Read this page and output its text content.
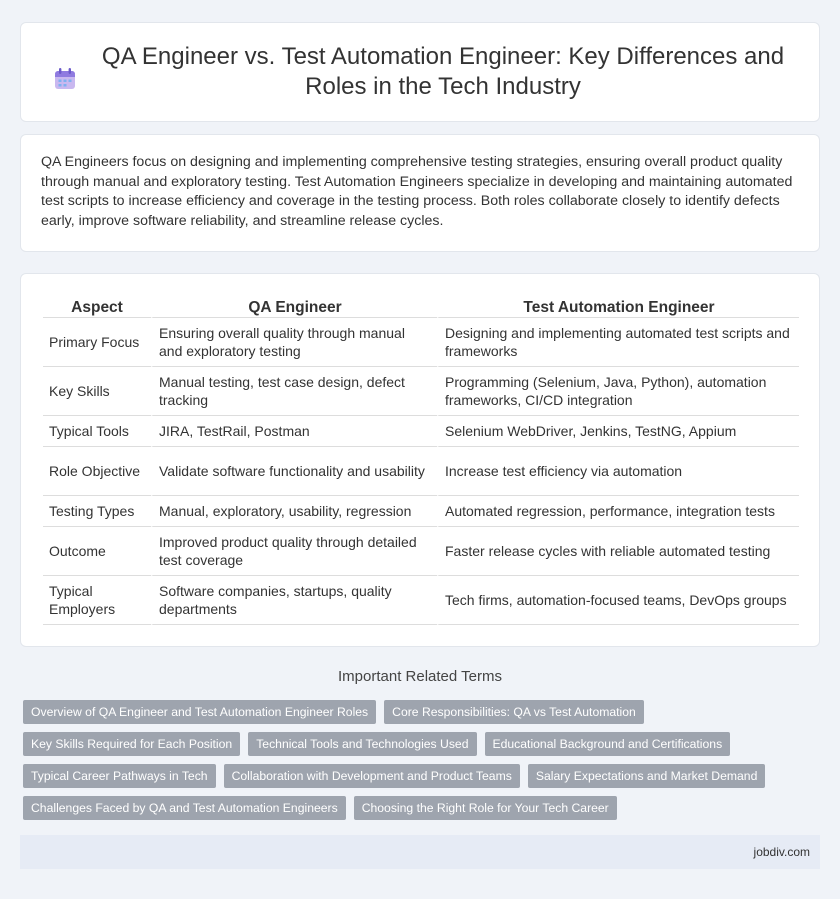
QA Engineer vs. Test Automation Engineer: Key Differences and Roles in the Tech Industry

QA Engineers focus on designing and implementing comprehensive testing strategies, ensuring overall product quality through manual and exploratory testing. Test Automation Engineers specialize in developing and maintaining automated test scripts to increase efficiency and coverage in the testing process. Both roles collaborate closely to identify defects early, improve software reliability, and streamline release cycles.

Aspect	QA Engineer	Test Automation Engineer
Primary Focus	Ensuring overall quality through manual and exploratory testing	Designing and implementing automated test scripts and frameworks
Key Skills	Manual testing, test case design, defect tracking	Programming (Selenium, Java, Python), automation frameworks, CI/CD integration
Typical Tools	JIRA, TestRail, Postman	Selenium WebDriver, Jenkins, TestNG, Appium
Role Objective	Validate software functionality and usability	Increase test efficiency via automation
Testing Types	Manual, exploratory, usability, regression	Automated regression, performance, integration tests
Outcome	Improved product quality through detailed test coverage	Faster release cycles with reliable automated testing
Typical Employers	Software companies, startups, quality departments	Tech firms, automation-focused teams, DevOps groups
Important Related Terms
Overview of QA Engineer and Test Automation Engineer Roles	Core Responsibilities: QA vs Test Automation
Key Skills Required for Each Position	Technical Tools and Technologies Used	Educational Background and Certifications
Typical Career Pathways in Tech	Collaboration with Development and Product Teams	Salary Expectations and Market Demand
Challenges Faced by QA and Test Automation Engineers	Choosing the Right Role for Your Tech Career
jobdiv.com
